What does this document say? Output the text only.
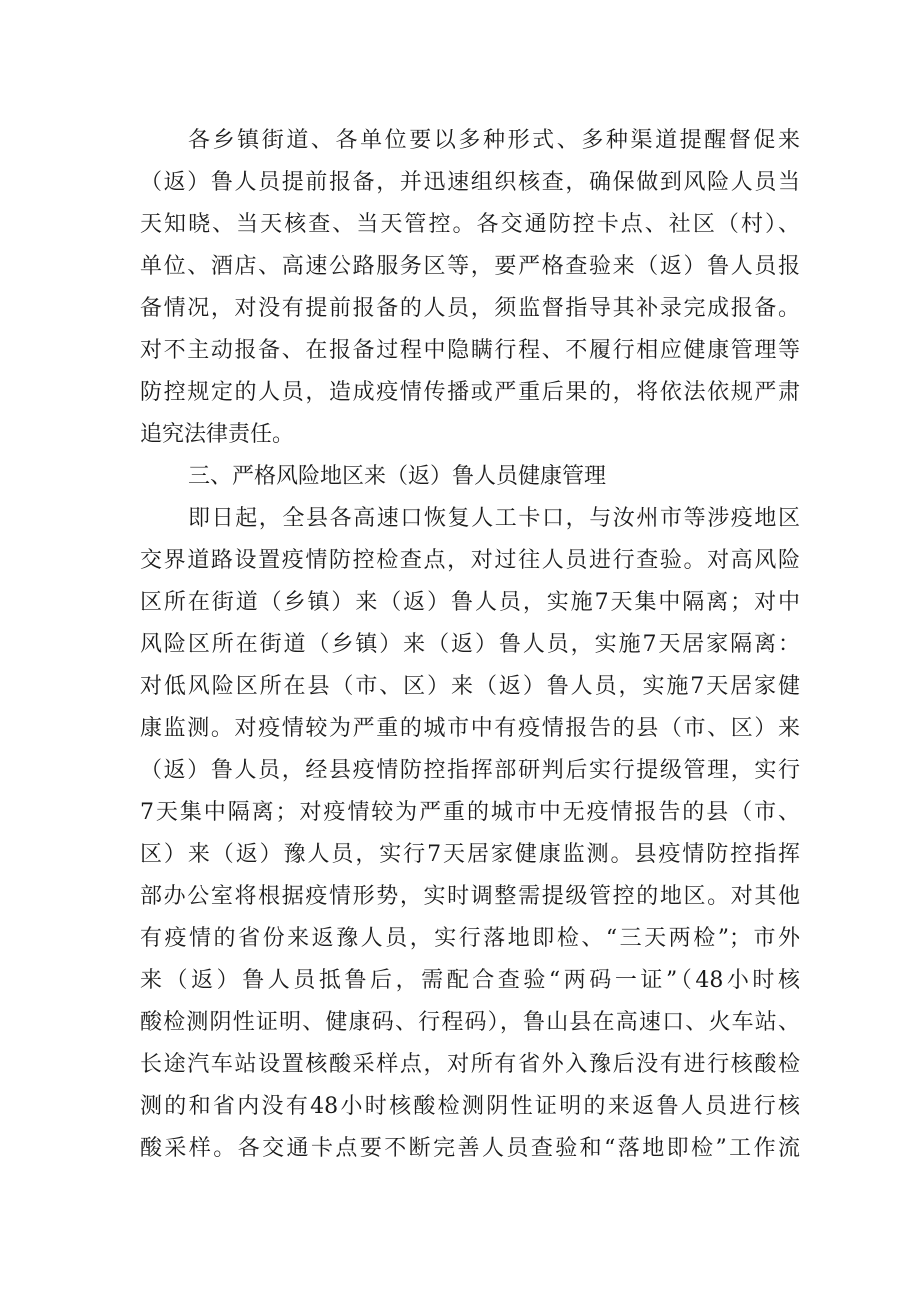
各乡镇街道、各单位要以多种形式、多种渠道提醒督促来
（返）鲁人员提前报备，并迅速组织核查，确保做到风险人员当
天知晓、当天核查、当天管控。各交通防控卡点、社区（村）、
单位、酒店、高速公路服务区等，要严格查验来（返）鲁人员报
备情况，对没有提前报备的人员，须监督指导其补录完成报备。
对不主动报备、在报备过程中隐瞒行程、不履行相应健康管理等
防控规定的人员，造成疫情传播或严重后果的，将依法依规严肃
追究法律责任。
三、严格风险地区来（返）鲁人员健康管理
即日起，全县各高速口恢复人工卡口，与汝州市等涉疫地区
交界道路设置疫情防控检查点，对过往人员进行查验。对高风险
区所在街道（乡镇）来（返）鲁人员，实施7天集中隔离；对中
风险区所在街道（乡镇）来（返）鲁人员，实施7天居家隔离：
对低风险区所在县（市、区）来（返）鲁人员，实施7天居家健
康监测。对疫情较为严重的城市中有疫情报告的县（市、区）来
（返）鲁人员，经县疫情防控指挥部研判后实行提级管理，实行
7天集中隔离；对疫情较为严重的城市中无疫情报告的县（市、
区）来（返）豫人员，实行7天居家健康监测。县疫情防控指挥
部办公室将根据疫情形势，实时调整需提级管控的地区。对其他
有疫情的省份来返豫人员，实行落地即检、“三天两检”；市外
来（返）鲁人员抵鲁后，需配合查验“两码一证”（48小时核
酸检测阴性证明、健康码、行程码），鲁山县在高速口、火车站、
长途汽车站设置核酸采样点，对所有省外入豫后没有进行核酸检
测的和省内没有48小时核酸检测阴性证明的来返鲁人员进行核
酸采样。各交通卡点要不断完善人员查验和“落地即检”工作流
